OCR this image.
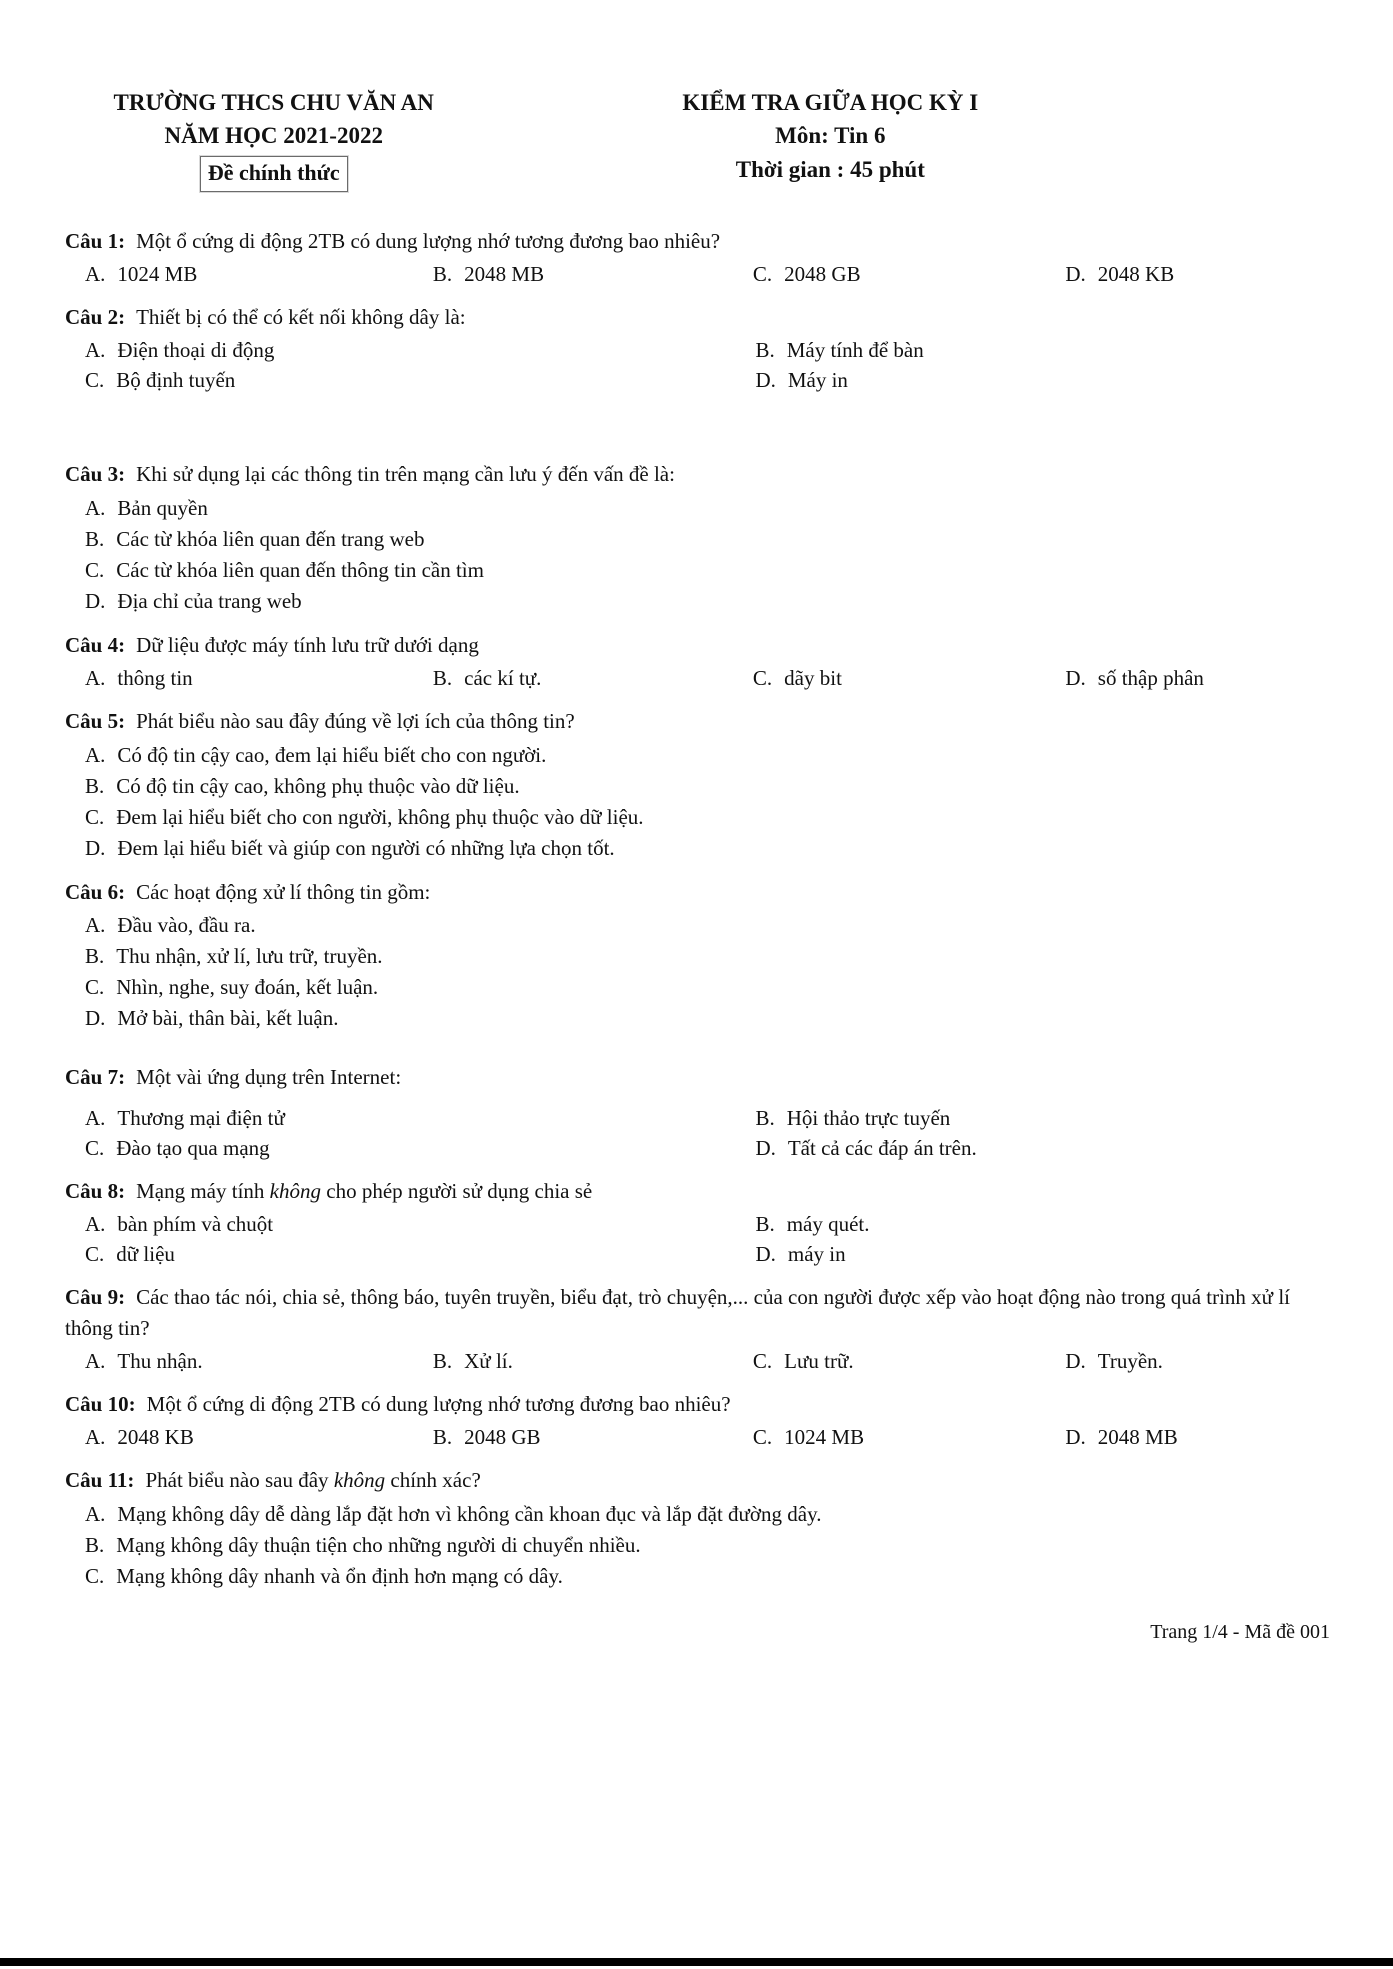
TRƯỜNG THCS CHU VĂN AN
NĂM HỌC 2021-2022
Đề chính thức
KIỂM TRA GIỮA HỌC KỲ I
Môn: Tin 6
Thời gian : 45 phút
Câu 1: Một ổ cứng di động 2TB có dung lượng nhớ tương đương bao nhiêu?
A. 1024 MB	B. 2048 MB	C. 2048 GB	D. 2048 KB
Câu 2: Thiết bị có thể có kết nối không dây là:
A. Điện thoại di động	B. Máy tính để bàn
C. Bộ định tuyến	D. Máy in
Câu 3: Khi sử dụng lại các thông tin trên mạng cần lưu ý đến vấn đề là:
A. Bản quyền
B. Các từ khóa liên quan đến trang web
C. Các từ khóa liên quan đến thông tin cần tìm
D. Địa chỉ của trang web
Câu 4: Dữ liệu được máy tính lưu trữ dưới dạng
A. thông tin	B. các kí tự.	C. dãy bit	D. số thập phân
Câu 5: Phát biểu nào sau đây đúng về lợi ích của thông tin?
A. Có độ tin cậy cao, đem lại hiểu biết cho con người.
B. Có độ tin cậy cao, không phụ thuộc vào dữ liệu.
C. Đem lại hiểu biết cho con người, không phụ thuộc vào dữ liệu.
D. Đem lại hiểu biết và giúp con người có những lựa chọn tốt.
Câu 6: Các hoạt động xử lí thông tin gồm:
A. Đầu vào, đầu ra.
B. Thu nhận, xử lí, lưu trữ, truyền.
C. Nhìn, nghe, suy đoán, kết luận.
D. Mở bài, thân bài, kết luận.
Câu 7: Một vài ứng dụng trên Internet:
A. Thương mại điện tử	B. Hội thảo trực tuyến
C. Đào tạo qua mạng	D. Tất cả các đáp án trên.
Câu 8: Mạng máy tính không cho phép người sử dụng chia sẻ
A. bàn phím và chuột	B. máy quét.
C. dữ liệu	D. máy in
Câu 9: Các thao tác nói, chia sẻ, thông báo, tuyên truyền, biểu đạt, trò chuyện,... của con người được xếp vào hoạt động nào trong quá trình xử lí thông tin?
A. Thu nhận.	B. Xử lí.	C. Lưu trữ.	D. Truyền.
Câu 10: Một ổ cứng di động 2TB có dung lượng nhớ tương đương bao nhiêu?
A. 2048 KB	B. 2048 GB	C. 1024 MB	D. 2048 MB
Câu 11: Phát biểu nào sau đây không chính xác?
A. Mạng không dây dễ dàng lắp đặt hơn vì không cần khoan đục và lắp đặt đường dây.
B. Mạng không dây thuận tiện cho những người di chuyển nhiều.
C. Mạng không dây nhanh và ổn định hơn mạng có dây.
Trang 1/4 - Mã đề 001
